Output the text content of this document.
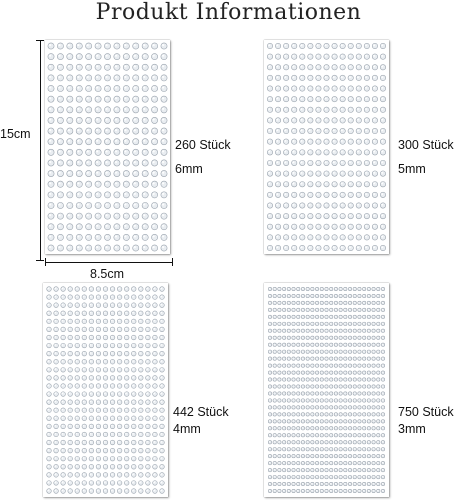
Produkt Informationen
15cm
8.5cm
260 Stück
6mm
300 Stück
5mm
442 Stück
4mm
750 Stück
3mm
